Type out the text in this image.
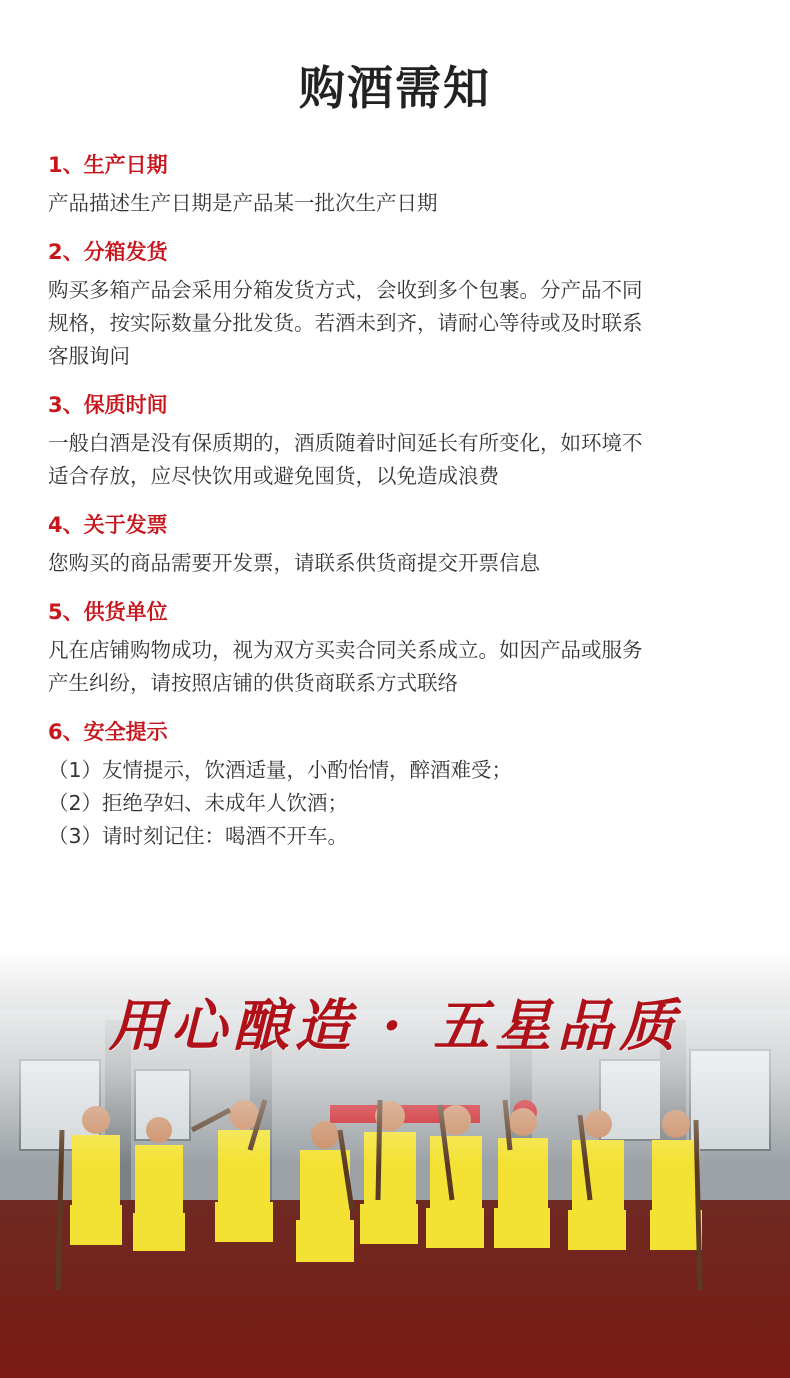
购酒需知
1、生产日期
产品描述生产日期是产品某一批次生产日期
2、分箱发货
购买多箱产品会采用分箱发货方式，会收到多个包裹。分产品不同
规格，按实际数量分批发货。若酒未到齐，请耐心等待或及时联系
客服询问
3、保质时间
一般白酒是没有保质期的，酒质随着时间延长有所变化，如环境不
适合存放，应尽快饮用或避免囤货，以免造成浪费
4、关于发票
您购买的商品需要开发票，请联系供货商提交开票信息
5、供货单位
凡在店铺购物成功，视为双方买卖合同关系成立。如因产品或服务
产生纠纷，请按照店铺的供货商联系方式联络
6、安全提示
（1）友情提示，饮酒适量，小酌怡情，醉酒难受；
（2）拒绝孕妇、未成年人饮酒；
（3）请时刻记住：喝酒不开车。
用心酿造 · 五星品质
